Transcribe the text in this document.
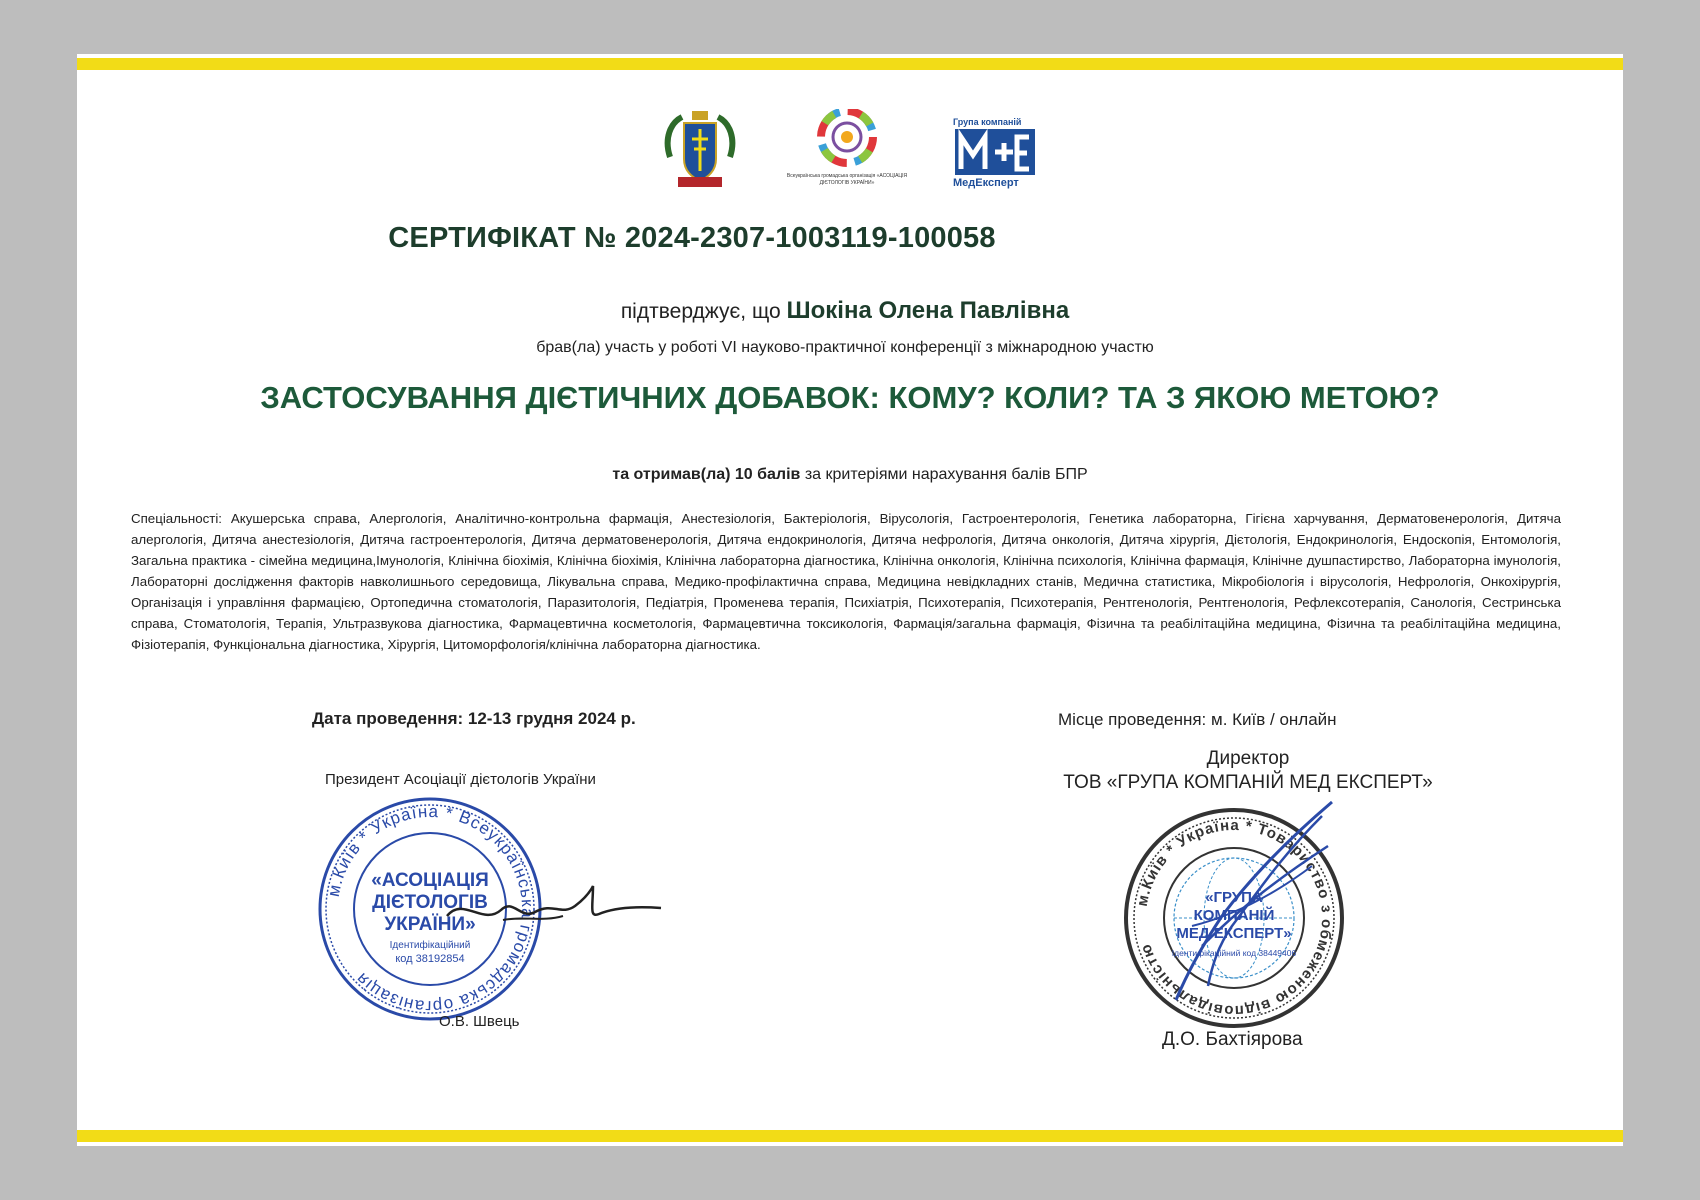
Всеукраїнська громадська організація «АСОЦІАЦІЯ ДІЄТОЛОГІВ УКРАЇНИ»
Група компаній
МедЕксперт
СЕРТИФІКАТ № 2024-2307-1003119-100058
підтверджує, що Шокіна Олена Павлівна
брав(ла) участь у роботі VI науково-практичної конференції з міжнародною участю
ЗАСТОСУВАННЯ ДІЄТИЧНИХ ДОБАВОК: КОМУ? КОЛИ? ТА З ЯКОЮ МЕТОЮ?
та отримав(ла) 10 балів за критеріями нарахування балів БПР
Спеціальності: Акушерська справа, Алергологія, Аналітично-контрольна фармація, Анестезіологія, Бактеріологія, Вірусологія, Гастроентерологія, Генетика лабораторна, Гігієна харчування, Дерматовенерологія, Дитяча алергологія, Дитяча анестезіологія, Дитяча гастроентерологія, Дитяча дерматовенерологія, Дитяча ендокринологія, Дитяча нефрологія, Дитяча онкологія, Дитяча хірургія, Дієтологія, Ендокринологія, Ендоскопія, Ентомологія, Загальна практика - сімейна медицина,Імунологія, Клінічна біохімія, Клінічна біохімія, Клінічна лабораторна діагностика, Клінічна онкологія, Клінічна психологія, Клінічна фармація, Клінічне душпастирство, Лабораторна імунологія, Лабораторні дослідження факторів навколишнього середовища, Лікувальна справа, Медико-профілактична справа, Медицина невідкладних станів, Медична статистика, Мікробіологія і вірусологія, Нефрологія, Онкохірургія, Організація і управління фармацією, Ортопедична стоматологія, Паразитологія, Педіатрія, Променева терапія, Психіатрія, Психотерапія, Психотерапія, Рентгенологія, Рентгенологія, Рефлексотерапія, Санологія, Сестринська справа, Стоматологія, Терапія, Ультразвукова діагностика, Фармацевтична косметологія, Фармацевтична токсикологія, Фармація/загальна фармація, Фізична та реабілітаційна медицина, Фізична та реабілітаційна медицина, Фізіотерапія, Функціональна діагностика, Хірургія, Цитоморфологія/клінічна лабораторна діагностика.
Дата проведення: 12-13 грудня 2024 р.	Місце проведення: м. Київ / онлайн
Президент Асоціації дієтологів України
м.Київ * Україна * Всеукраїнська громадська організація
«АСОЦІАЦІЯ
ДІЄТОЛОГІВ
УКРАЇНИ»
Ідентифікаційний
код 38192854
О.В. Швець
Директор
ТОВ «ГРУПА КОМПАНІЙ МЕД ЕКСПЕРТ»
м.Київ * Україна * Товариство з обмеженою відповідальністю
«ГРУПА
КОМПАНІЙ
МЕД ЕКСПЕРТ»
Ідентифікаційний код 38449406
Д.О. Бахтіярова
